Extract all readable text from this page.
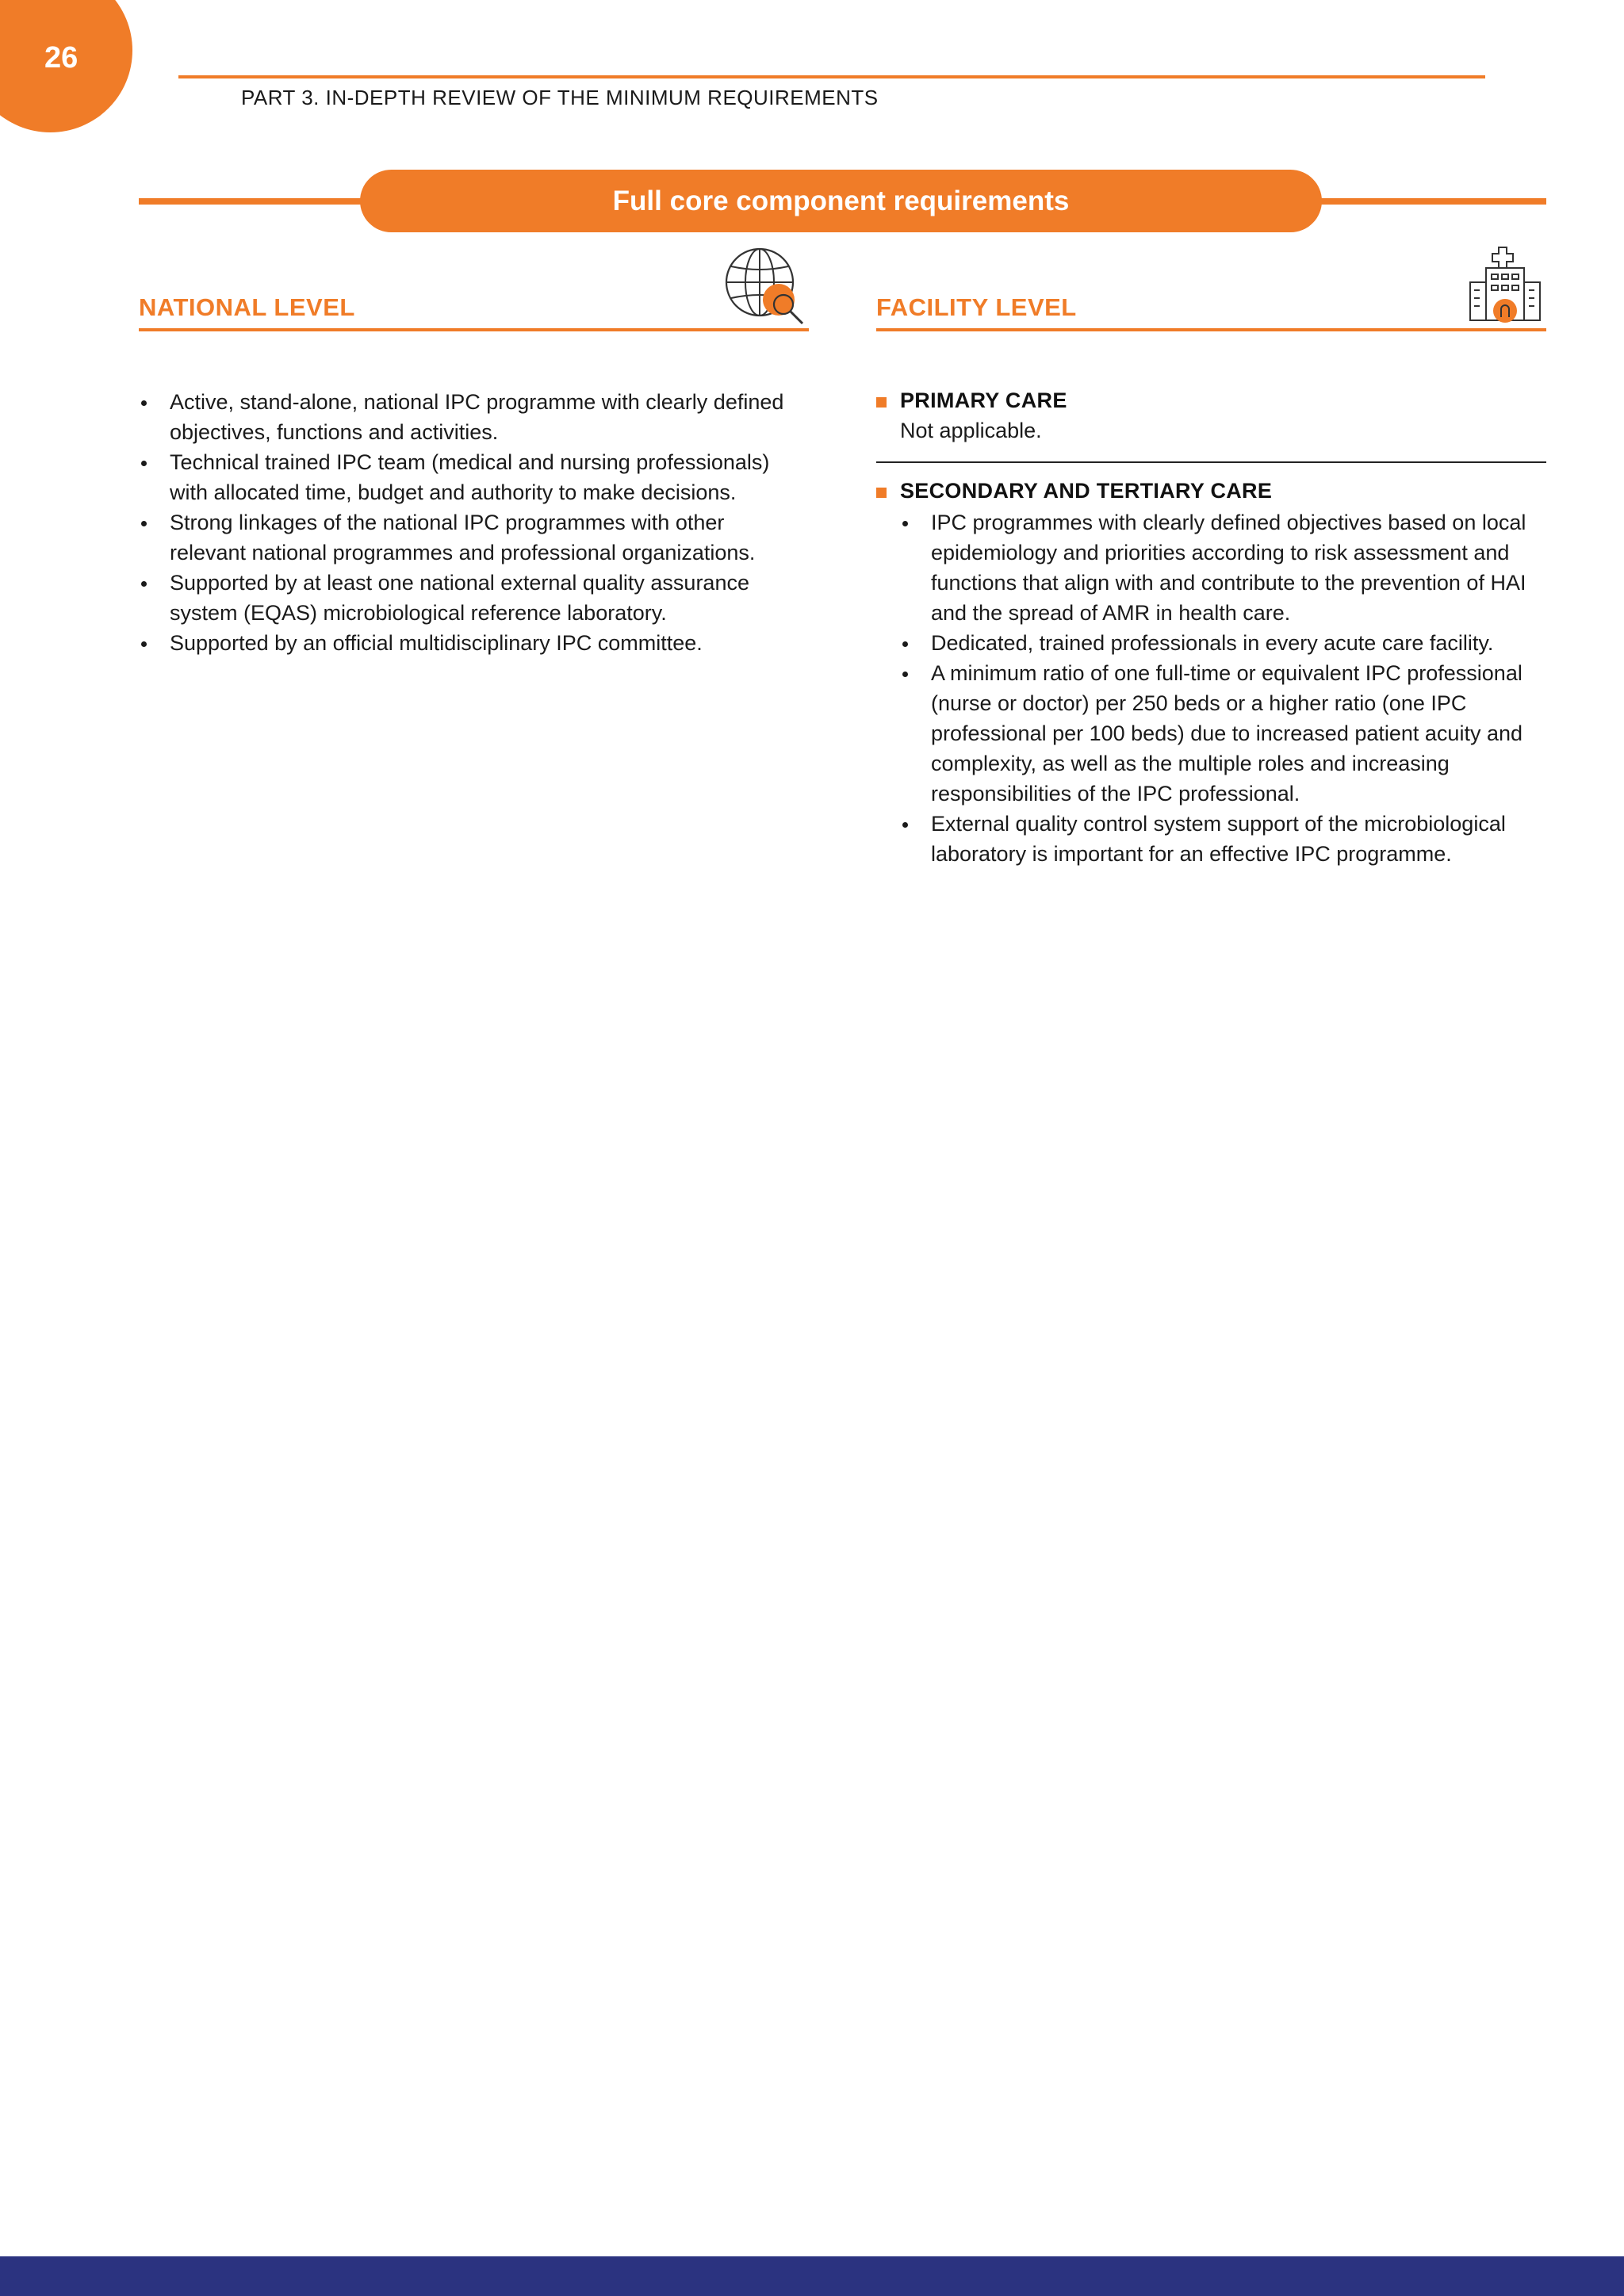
26
PART 3. IN-DEPTH REVIEW OF THE MINIMUM REQUIREMENTS
Full core component requirements
NATIONAL LEVEL
Active, stand-alone, national IPC programme with clearly defined objectives, functions and activities.
Technical trained IPC team (medical and nursing professionals) with allocated time, budget and authority to make decisions.
Strong linkages of the national IPC programmes with other relevant national programmes and professional organizations.
Supported by at least one national external quality assurance system (EQAS) microbiological reference laboratory.
Supported by an official multidisciplinary IPC committee.
FACILITY LEVEL
PRIMARY CARE
Not applicable.
SECONDARY AND TERTIARY CARE
IPC programmes with clearly defined objectives based on local epidemiology and priorities according to risk assessment and functions that align with and contribute to the prevention of HAI and the spread of AMR in health care.
Dedicated, trained professionals in every acute care facility.
A minimum ratio of one full-time or equivalent IPC professional (nurse or doctor) per 250 beds or a higher ratio (one IPC professional per 100 beds) due to increased patient acuity and complexity, as well as the multiple roles and increasing responsibilities of the IPC professional.
External quality control system support of the microbiological laboratory is important for an effective IPC programme.
